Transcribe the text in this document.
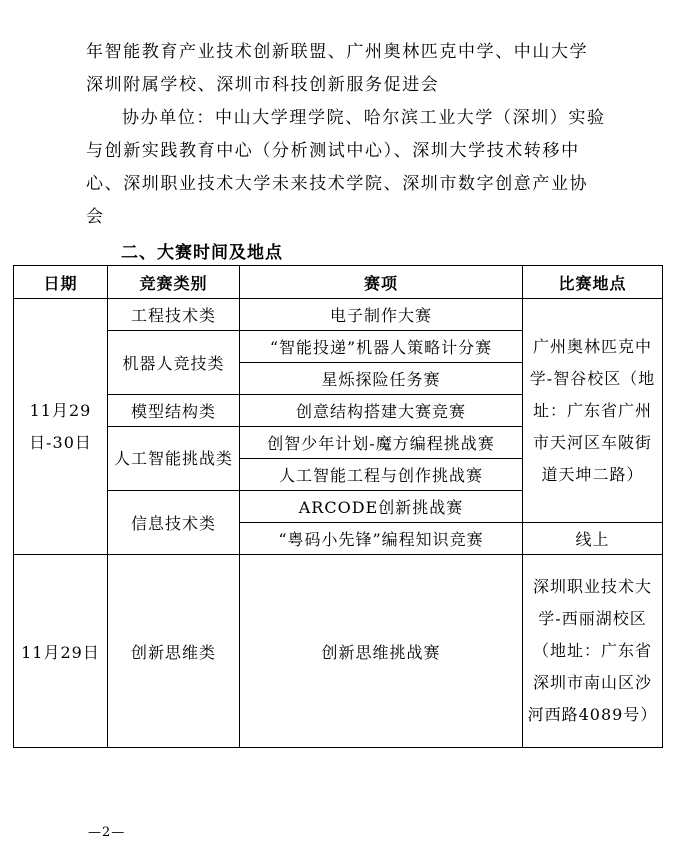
年智能教育产业技术创新联盟、广州奥林匹克中学、中山大学深圳附属学校、深圳市科技创新服务促进会

协办单位：中山大学理学院、哈尔滨工业大学（深圳）实验与创新实践教育中心（分析测试中心）、深圳大学技术转移中心、深圳职业技术大学未来技术学院、深圳市数字创意产业协会

二、大赛时间及地点
日期	竞赛类别	赛项	比赛地点
11月29日-30日	工程技术类	电子制作大赛	广州奥林匹克中学-智谷校区（地址：广东省广州市天河区车陂街道天坤二路）
	机器人竞技类	“智能投递”机器人策略计分赛	
		星烁探险任务赛	
	模型结构类	创意结构搭建大赛竞赛	
	人工智能挑战类	创智少年计划-魔方编程挑战赛	
		人工智能工程与创作挑战赛	
	信息技术类	ARCODE创新挑战赛	
		“粤码小先锋”编程知识竞赛	线上
11月29日	创新思维类	创新思维挑战赛	深圳职业技术大学-西丽湖校区（地址：广东省深圳市南山区沙河西路4089号）
—2—
